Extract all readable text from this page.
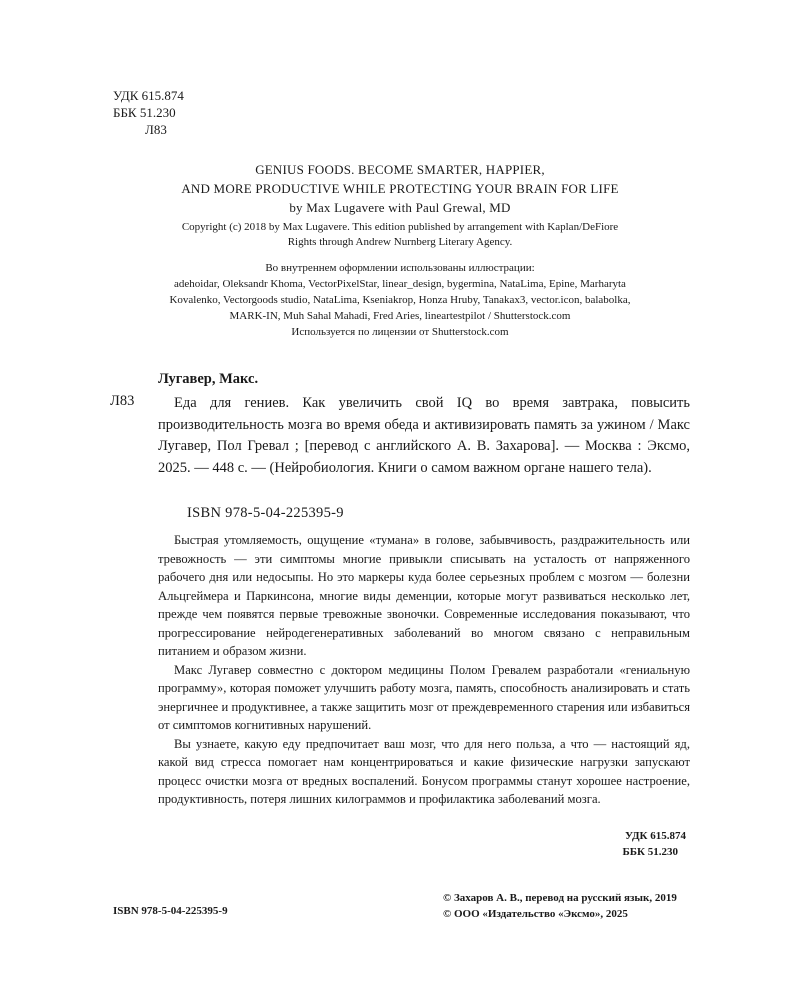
УДК 615.874
ББК 51.230
Л83
GENIUS FOODS. BECOME SMARTER, HAPPIER,
AND MORE PRODUCTIVE WHILE PROTECTING YOUR BRAIN FOR LIFE
by Max Lugavere with Paul Grewal, MD
Copyright (c) 2018 by Max Lugavere. This edition published by arrangement with Kaplan/DeFiore
Rights through Andrew Nurnberg Literary Agency.
Во внутреннем оформлении использованы иллюстрации:
adehoidar, Oleksandr Khoma, VectorPixelStar, linear_design, bygermina, NataLima, Epine, Marharyta
Kovalenko, Vectorgoods studio, NataLima, Kseniakrop, Honza Hruby, Tanakax3, vector.icon, balabolka,
MARK-IN, Muh Sahal Mahadi, Fred Aries, lineartestpilot / Shutterstock.com
Используется по лицензии от Shutterstock.com
Лугавер, Макс.
Л83	Еда для гениев. Как увеличить свой IQ во время завтрака, повысить производительность мозга во время обеда и активизировать память за ужином / Макс Лугавер, Пол Гревал ; [перевод с английского А. В. Захарова]. — Москва : Эксмо, 2025. — 448 с. — (Нейробиология. Книги о самом важном органе нашего тела).
ISBN 978-5-04-225395-9

Быстрая утомляемость, ощущение «тумана» в голове, забывчивость, раздражительность или тревожность — эти симптомы многие привыкли списывать на усталость от напряженного рабочего дня или недосыпы. Но это маркеры куда более серьезных проблем с мозгом — болезни Альцгеймера и Паркинсона, многие виды деменции, которые могут развиваться несколько лет, прежде чем появятся первые тревожные звоночки. Современные исследования показывают, что прогрессирование нейродегенеративных заболеваний во многом связано с неправильным питанием и образом жизни.

Макс Лугавер совместно с доктором медицины Полом Гревалем разработали «гениальную программу», которая поможет улучшить работу мозга, память, способность анализировать и стать энергичнее и продуктивнее, а также защитить мозг от преждевременного старения или избавиться от симптомов когнитивных нарушений.

Вы узнаете, какую еду предпочитает ваш мозг, что для него польза, а что — настоящий яд, какой вид стресса помогает нам концентрироваться и какие физические нагрузки запускают процесс очистки мозга от вредных воспалений. Бонусом программы станут хорошее настроение, продуктивность, потеря лишних килограммов и профилактика заболеваний мозга.

УДК 615.874
ББК 51.230
ISBN 978-5-04-225395-9
© Захаров А. В., перевод на русский язык, 2019
© ООО «Издательство «Эксмо», 2025
